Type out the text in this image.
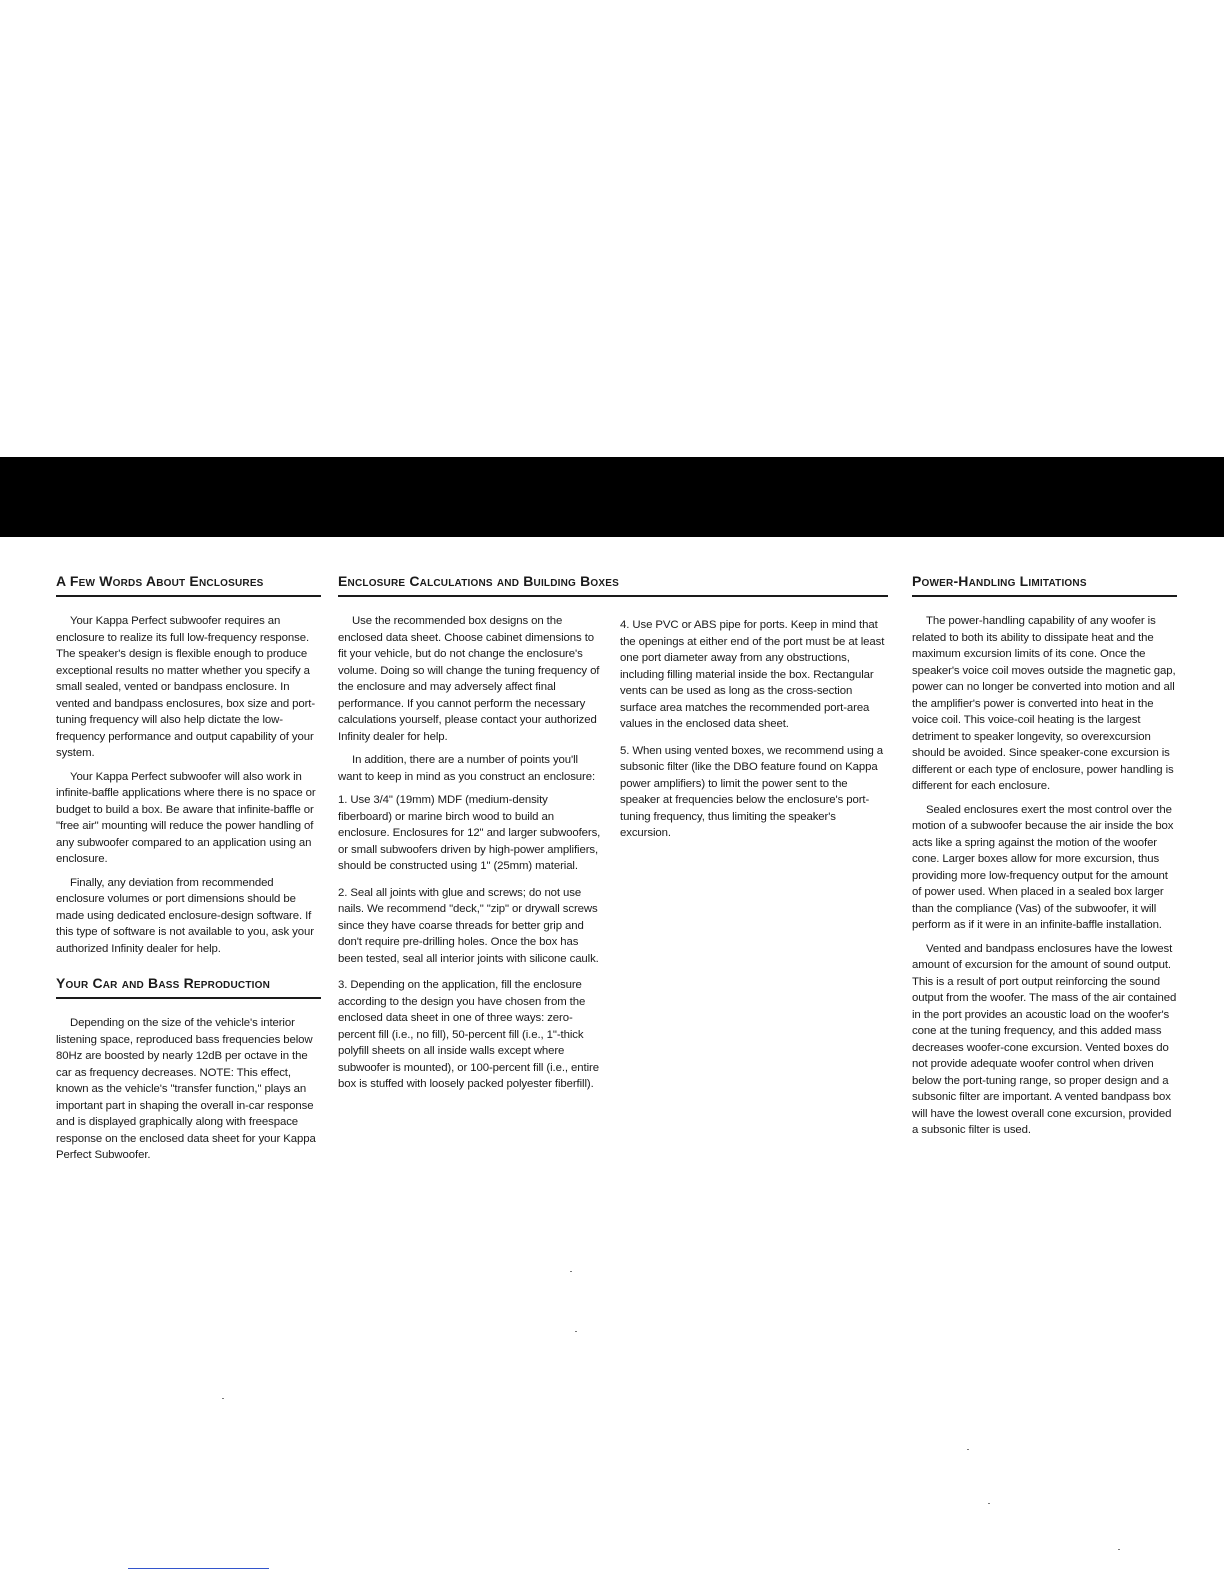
A Few Words About Enclosures

Your Kappa Perfect subwoofer requires an enclosure to realize its full low-frequency response. The speaker's design is flexible enough to produce exceptional results no matter whether you specify a small sealed, vented or bandpass enclosure. In vented and bandpass enclosures, box size and port-tuning frequency will also help dictate the low-frequency performance and output capability of your system.

Your Kappa Perfect subwoofer will also work in infinite-baffle applications where there is no space or budget to build a box. Be aware that infinite-baffle or "free air" mounting will reduce the power handling of any subwoofer compared to an application using an enclosure.

Finally, any deviation from recommended enclosure volumes or port dimensions should be made using dedicated enclosure-design software. If this type of software is not available to you, ask your authorized Infinity dealer for help.

Your Car and Bass Reproduction

Depending on the size of the vehicle's interior listening space, reproduced bass frequencies below 80Hz are boosted by nearly 12dB per octave in the car as frequency decreases. NOTE: This effect, known as the vehicle's "transfer function," plays an important part in shaping the overall in-car response and is displayed graphically along with freespace response on the enclosed data sheet for your Kappa Perfect Subwoofer.

Enclosure Calculations and Building Boxes

Use the recommended box designs on the enclosed data sheet. Choose cabinet dimensions to fit your vehicle, but do not change the enclosure's volume. Doing so will change the tuning frequency of the enclosure and may adversely affect final performance. If you cannot perform the necessary calculations yourself, please contact your authorized Infinity dealer for help.

In addition, there are a number of points you'll want to keep in mind as you construct an enclosure:

1. Use 3/4" (19mm) MDF (medium-density fiberboard) or marine birch wood to build an enclosure. Enclosures for 12" and larger subwoofers, or small subwoofers driven by high-power amplifiers, should be constructed using 1" (25mm) material.

2. Seal all joints with glue and screws; do not use nails. We recommend "deck," "zip" or drywall screws since they have coarse threads for better grip and don't require pre-drilling holes. Once the box has been tested, seal all interior joints with silicone caulk.

3. Depending on the application, fill the enclosure according to the design you have chosen from the enclosed data sheet in one of three ways: zero-percent fill (i.e., no fill), 50-percent fill (i.e., 1"-thick polyfill sheets on all inside walls except where subwoofer is mounted), or 100-percent fill (i.e., entire box is stuffed with loosely packed polyester fiberfill).

4. Use PVC or ABS pipe for ports. Keep in mind that the openings at either end of the port must be at least one port diameter away from any obstructions, including filling material inside the box. Rectangular vents can be used as long as the cross-section surface area matches the recommended port-area values in the enclosed data sheet.

5. When using vented boxes, we recommend using a subsonic filter (like the DBO feature found on Kappa power amplifiers) to limit the power sent to the speaker at frequencies below the enclosure's port-tuning frequency, thus limiting the speaker's excursion.

Power-Handling Limitations

The power-handling capability of any woofer is related to both its ability to dissipate heat and the maximum excursion limits of its cone. Once the speaker's voice coil moves outside the magnetic gap, power can no longer be converted into motion and all the amplifier's power is converted into heat in the voice coil. This voice-coil heating is the largest detriment to speaker longevity, so overexcursion should be avoided. Since speaker-cone excursion is different or each type of enclosure, power handling is different for each enclosure.

Sealed enclosures exert the most control over the motion of a subwoofer because the air inside the box acts like a spring against the motion of the woofer cone. Larger boxes allow for more excursion, thus providing more low-frequency output for the amount of power used. When placed in a sealed box larger than the compliance (Vas) of the subwoofer, it will perform as if it were in an infinite-baffle installation.

Vented and bandpass enclosures have the lowest amount of excursion for the amount of sound output. This is a result of port output reinforcing the sound output from the woofer. The mass of the air contained in the port provides an acoustic load on the woofer's cone at the tuning frequency, and this added mass decreases woofer-cone excursion. Vented boxes do not provide adequate woofer control when driven below the port-tuning range, so proper design and a subsonic filter are important. A vented bandpass box will have the lowest overall cone excursion, provided a subsonic filter is used.
